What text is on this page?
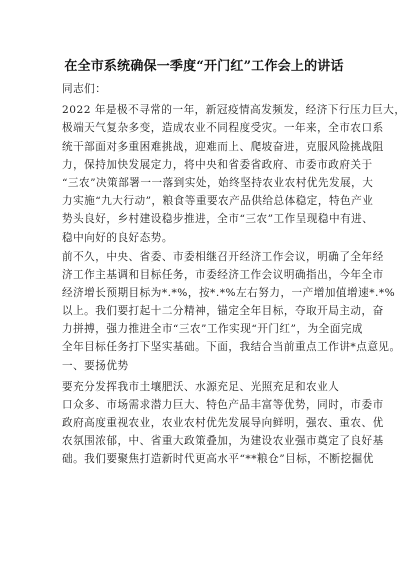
在全市系统确保一季度“开门红”工作会上的讲话
同志们：
2022 年是极不寻常的一年，新冠疫情高发频发，经济下行压力巨大，
极端天气复杂多变，造成农业不同程度受灾。一年来，全市农口系
统干部面对多重困难挑战，迎难而上、爬坡奋进，克服风险挑战阻
力，保持加快发展定力，将中央和省委省政府、市委市政府关于
“三农”决策部署一一落到实处，始终坚持农业农村优先发展，大
力实施“九大行动”，粮食等重要农产品供给总体稳定，特色产业
势头良好，乡村建设稳步推进，全市“三农”工作呈现稳中有进、
稳中向好的良好态势。
前不久，中央、省委、市委相继召开经济工作会议，明确了全年经
济工作主基调和目标任务，市委经济工作会议明确指出，今年全市
经济增长预期目标为*.*%，按*.*%左右努力，一产增加值增速*.*%
以上。我们要打起十二分精神，锚定全年目标，夺取开局主动，奋
力拼搏，强力推进全市“三农”工作实现“开门红”，为全面完成
全年目标任务打下坚实基础。下面，我结合当前重点工作讲*点意见。
一、要扬优势
要充分发挥我市土壤肥沃、水源充足、光照充足和农业人
口众多、市场需求潜力巨大、特色产品丰富等优势，同时，市委市
政府高度重视农业，农业农村优先发展导向鲜明，强农、重农、优
农氛围浓郁，中、省重大政策叠加，为建设农业强市奠定了良好基
础。我们要聚焦打造新时代更高水平“**粮仓”目标，不断挖掘优
